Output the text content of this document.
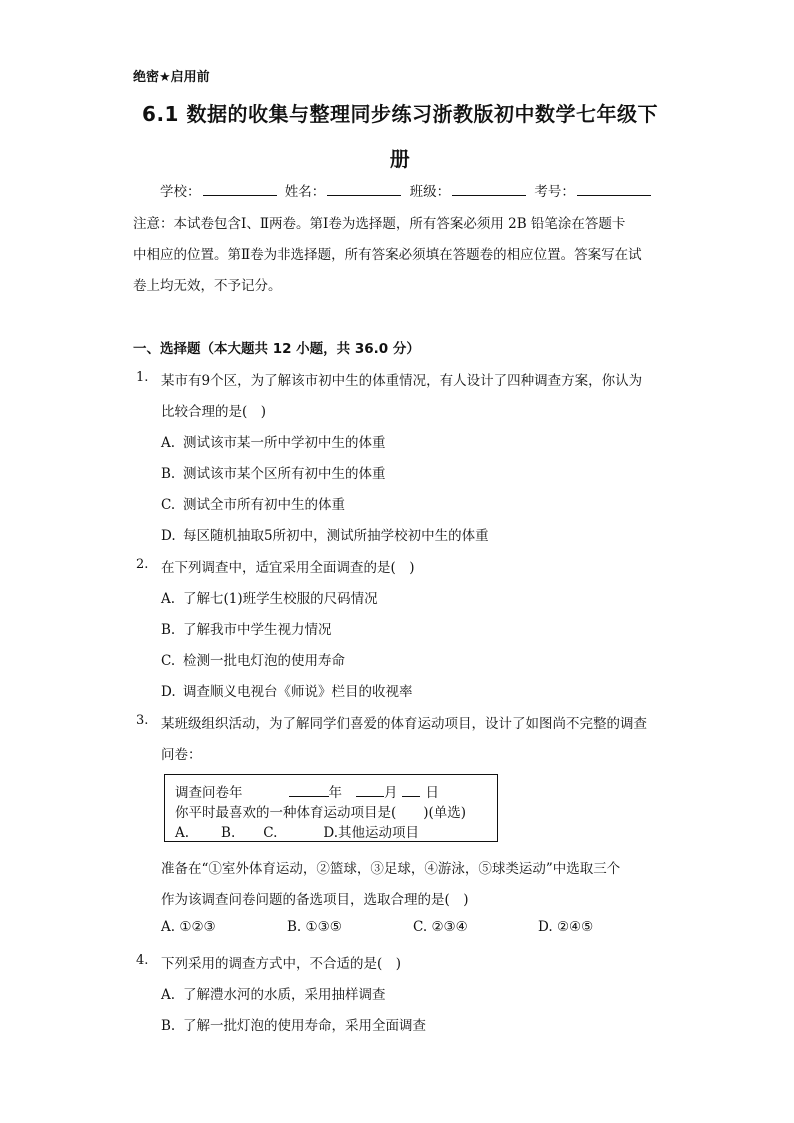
绝密★启用前
6.1 数据的收集与整理同步练习浙教版初中数学七年级下
册
学校：	姓名：	班级：	考号：
注意：本试卷包含Ⅰ、Ⅱ两卷。第Ⅰ卷为选择题，所有答案必须用 2B 铅笔涂在答题卡
中相应的位置。第Ⅱ卷为非选择题，所有答案必须填在答题卷的相应位置。答案写在试
卷上均无效，不予记分。
一、选择题（本大题共 12 小题，共 36.0 分）
1. 某市有9个区，为了解该市初中生的体重情况，有人设计了四种调查方案，你认为
比较合理的是(　)
A. 测试该市某一所中学初中生的体重
B. 测试该市某个区所有初中生的体重
C. 测试全市所有初中生的体重
D. 每区随机抽取5所初中，测试所抽学校初中生的体重
2. 在下列调查中，适宜采用全面调查的是(　)
A. 了解七(1)班学生校服的尺码情况
B. 了解我市中学生视力情况
C. 检测一批电灯泡的使用寿命
D. 调查顺义电视台《师说》栏目的收视率
3. 某班级组织活动，为了解同学们喜爱的体育运动项目，设计了如图尚不完整的调查
问卷：
调查问卷年	年	月 日
你平时最喜欢的一种体育运动项目是(　　)(单选)
A. B. C.	D.其他运动项目
准备在“①室外体育运动，②篮球，③足球，④游泳，⑤球类运动”中选取三个
作为该调查问卷问题的备选项目，选取合理的是(　)
A. ①②③	B. ①③⑤	C. ②③④	D. ②④⑤
4. 下列采用的调查方式中，不合适的是(　)
A. 了解澧水河的水质，采用抽样调查
B. 了解一批灯泡的使用寿命，采用全面调查
